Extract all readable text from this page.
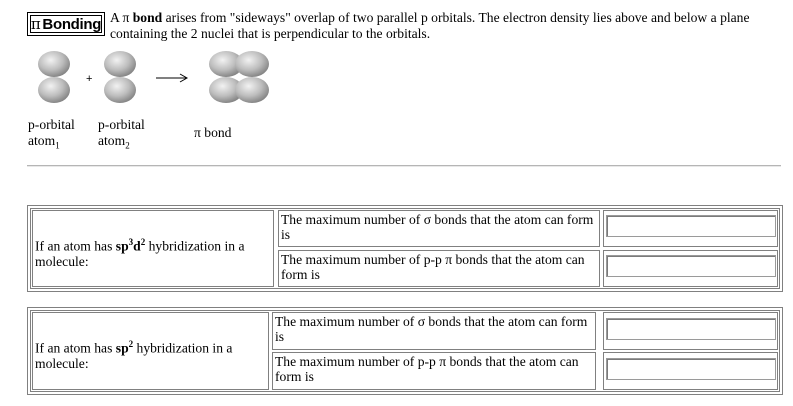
π Bonding A π bond arises from "sideways" overlap of two parallel p orbitals. The electron density lies above and below a plane containing the 2 nuclei that is perpendicular to the orbitals.
+
p-orbital
atom$_1$
p-orbital
atom$_2$
π bond
If an atom has $sp^3d^2$ hybridization in a molecule:
The maximum number of σ bonds that the atom can form is
The maximum number of p-p π bonds that the atom can form is
If an atom has $sp^2$ hybridization in a molecule:
The maximum number of σ bonds that the atom can form is
The maximum number of p-p π bonds that the atom can form is
